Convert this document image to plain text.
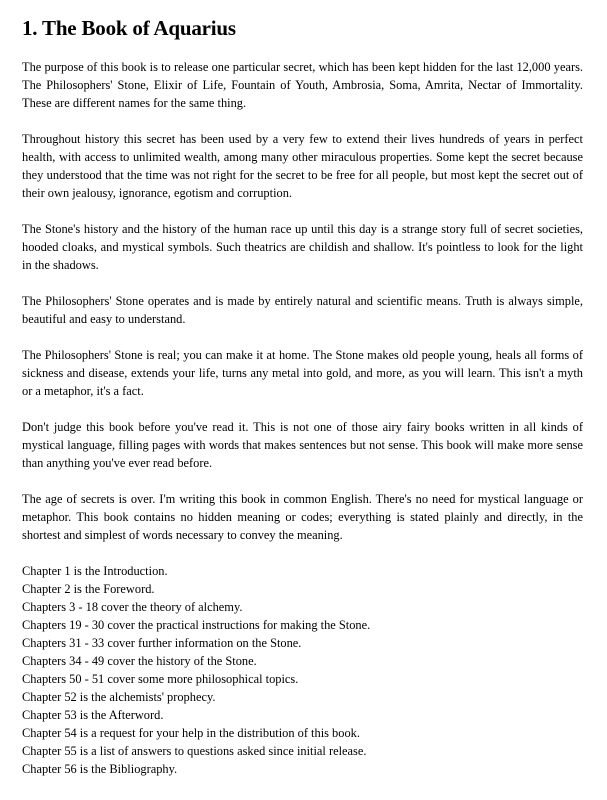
1. The Book of Aquarius

The purpose of this book is to release one particular secret, which has been kept hidden for the last 12,000 years. The Philosophers' Stone, Elixir of Life, Fountain of Youth, Ambrosia, Soma, Amrita, Nectar of Immortality. These are different names for the same thing.

Throughout history this secret has been used by a very few to extend their lives hundreds of years in perfect health, with access to unlimited wealth, among many other miraculous properties. Some kept the secret because they understood that the time was not right for the secret to be free for all people, but most kept the secret out of their own jealousy, ignorance, egotism and corruption.

The Stone's history and the history of the human race up until this day is a strange story full of secret societies, hooded cloaks, and mystical symbols. Such theatrics are childish and shallow. It's pointless to look for the light in the shadows.

The Philosophers' Stone operates and is made by entirely natural and scientific means. Truth is always simple, beautiful and easy to understand.

The Philosophers' Stone is real; you can make it at home. The Stone makes old people young, heals all forms of sickness and disease, extends your life, turns any metal into gold, and more, as you will learn. This isn't a myth or a metaphor, it's a fact.

Don't judge this book before you've read it. This is not one of those airy fairy books written in all kinds of mystical language, filling pages with words that makes sentences but not sense. This book will make more sense than anything you've ever read before.

The age of secrets is over. I'm writing this book in common English. There's no need for mystical language or metaphor. This book contains no hidden meaning or codes; everything is stated plainly and directly, in the shortest and simplest of words necessary to convey the meaning.

Chapter 1 is the Introduction.
Chapter 2 is the Foreword.
Chapters 3 - 18 cover the theory of alchemy.
Chapters 19 - 30 cover the practical instructions for making the Stone.
Chapters 31 - 33 cover further information on the Stone.
Chapters 34 - 49 cover the history of the Stone.
Chapters 50 - 51 cover some more philosophical topics.
Chapter 52 is the alchemists' prophecy.
Chapter 53 is the Afterword.
Chapter 54 is a request for your help in the distribution of this book.
Chapter 55 is a list of answers to questions asked since initial release.
Chapter 56 is the Bibliography.
